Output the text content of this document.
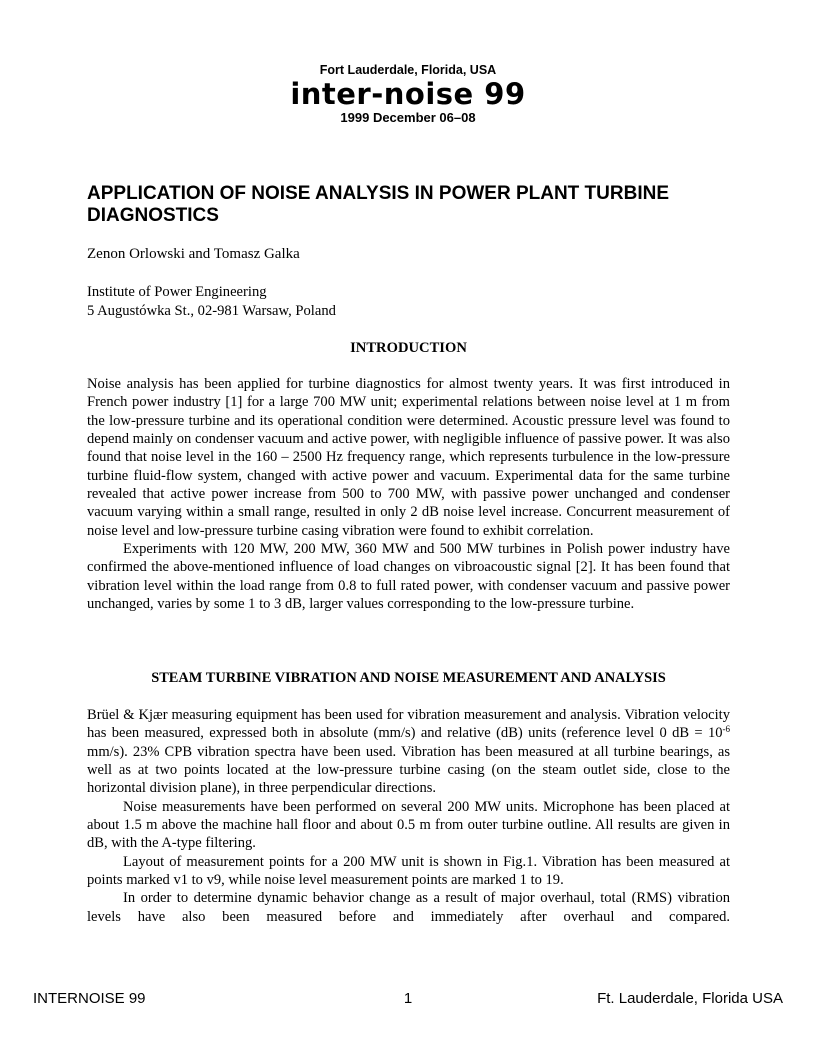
Fort Lauderdale, Florida, USA
inter-noise 99
1999 December 06–08
APPLICATION OF NOISE ANALYSIS IN POWER PLANT TURBINE DIAGNOSTICS

Zenon Orlowski and Tomasz Galka

Institute of Power Engineering
5 Augustówka St., 02-981 Warsaw, Poland
INTRODUCTION

Noise analysis has been applied for turbine diagnostics for almost twenty years. It was first introduced in French power industry [1] for a large 700 MW unit; experimental relations between noise level at 1 m from the low-pressure turbine and its operational condition were determined. Acoustic pressure level was found to depend mainly on condenser vacuum and active power, with negligible influence of passive power. It was also found that noise level in the 160 – 2500 Hz frequency range, which represents turbulence in the low-pressure turbine fluid-flow system, changed with active power and vacuum. Experimental data for the same turbine revealed that active power increase from 500 to 700 MW, with passive power unchanged and condenser vacuum varying within a small range, resulted in only 2 dB noise level increase. Concurrent measurement of noise level and low-pressure turbine casing vibration were found to exhibit correlation.

Experiments with 120 MW, 200 MW, 360 MW and 500 MW turbines in Polish power industry have confirmed the above-mentioned influence of load changes on vibroacoustic signal [2]. It has been found that vibration level within the load range from 0.8 to full rated power, with condenser vacuum and passive power unchanged, varies by some 1 to 3 dB, larger values corresponding to the low-pressure turbine.

STEAM TURBINE VIBRATION AND NOISE MEASUREMENT AND ANALYSIS

Brüel & Kjær measuring equipment has been used for vibration measurement and analysis. Vibration velocity has been measured, expressed both in absolute (mm/s) and relative (dB) units (reference level 0 dB = $10^{-6}$ mm/s). 23% CPB vibration spectra have been used. Vibration has been measured at all turbine bearings, as well as at two points located at the low-pressure turbine casing (on the steam outlet side, close to the horizontal division plane), in three perpendicular directions.

Noise measurements have been performed on several 200 MW units. Microphone has been placed at about 1.5 m above the machine hall floor and about 0.5 m from outer turbine outline. All results are given in dB, with the A-type filtering.

Layout of measurement points for a 200 MW unit is shown in Fig.1. Vibration has been measured at points marked v1 to v9, while noise level measurement points are marked 1 to 19.

In order to determine dynamic behavior change as a result of major overhaul, total (RMS) vibration levels have also been measured before and immediately after overhaul and compared.

INTERNOISE 99	1	Ft. Lauderdale, Florida USA
